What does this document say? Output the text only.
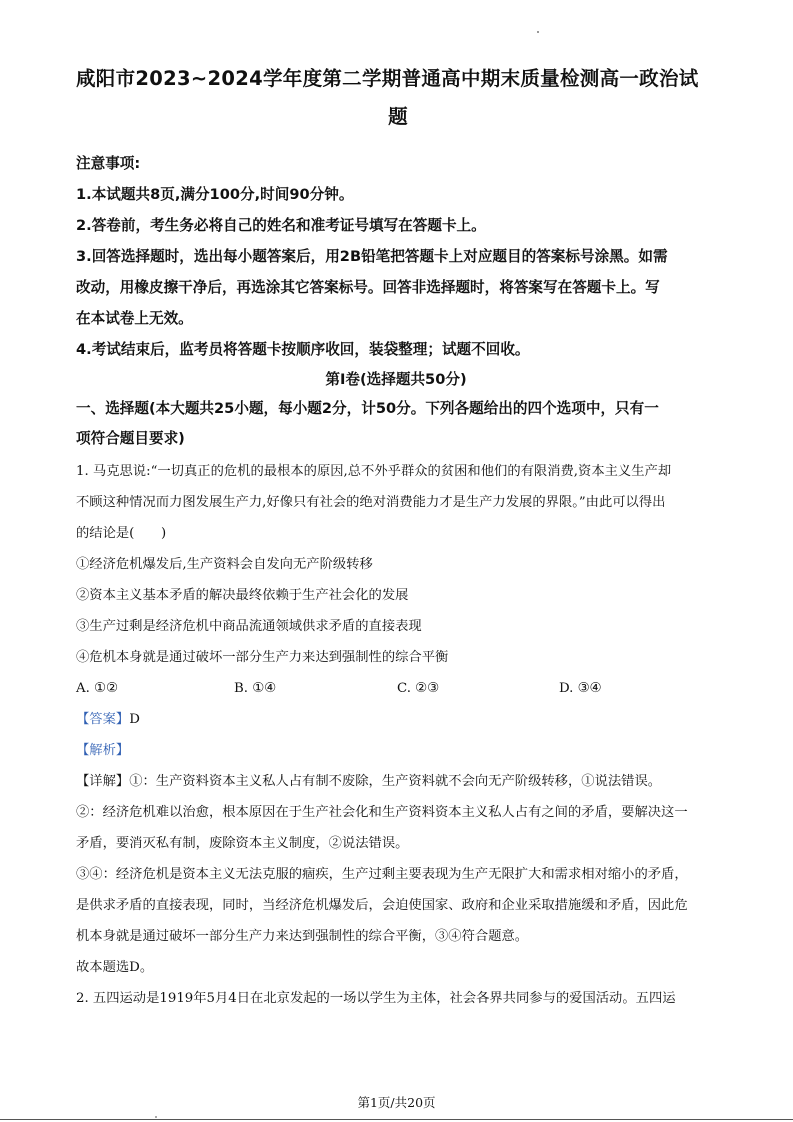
咸阳市2023~2024学年度第二学期普通高中期末质量检测高一政治试
题
注意事项:
1.本试题共8页,满分100分,时间90分钟。
2.答卷前，考生务必将自己的姓名和准考证号填写在答题卡上。
3.回答选择题时，选出每小题答案后，用2B铅笔把答题卡上对应题目的答案标号涂黑。如需
改动，用橡皮擦干净后，再选涂其它答案标号。回答非选择题时，将答案写在答题卡上。写
在本试卷上无效。
4.考试结束后，监考员将答题卡按顺序收回，装袋整理；试题不回收。
第Ⅰ卷(选择题共50分)
一、选择题(本大题共25小题，每小题2分，计50分。下列各题给出的四个选项中，只有一
项符合题目要求)
1. 马克思说:“一切真正的危机的最根本的原因,总不外乎群众的贫困和他们的有限消费,资本主义生产却
不顾这种情况而力图发展生产力,好像只有社会的绝对消费能力才是生产力发展的界限。”由此可以得出
的结论是(　　)
①经济危机爆发后,生产资料会自发向无产阶级转移
②资本主义基本矛盾的解决最终依赖于生产社会化的发展
③生产过剩是经济危机中商品流通领域供求矛盾的直接表现
④危机本身就是通过破坏一部分生产力来达到强制性的综合平衡
A. ①②	B. ①④	C. ②③	D. ③④
【答案】D
【解析】
【详解】①：生产资料资本主义私人占有制不废除，生产资料就不会向无产阶级转移，①说法错误。
②：经济危机难以治愈，根本原因在于生产社会化和生产资料资本主义私人占有之间的矛盾，要解决这一
矛盾，要消灭私有制，废除资本主义制度，②说法错误。
③④：经济危机是资本主义无法克服的痼疾，生产过剩主要表现为生产无限扩大和需求相对缩小的矛盾，
是供求矛盾的直接表现，同时，当经济危机爆发后，会迫使国家、政府和企业采取措施缓和矛盾，因此危
机本身就是通过破坏一部分生产力来达到强制性的综合平衡，③④符合题意。
故本题选D。
2. 五四运动是1919年5月4日在北京发起的一场以学生为主体，社会各界共同参与的爱国活动。五四运
第1页/共20页
